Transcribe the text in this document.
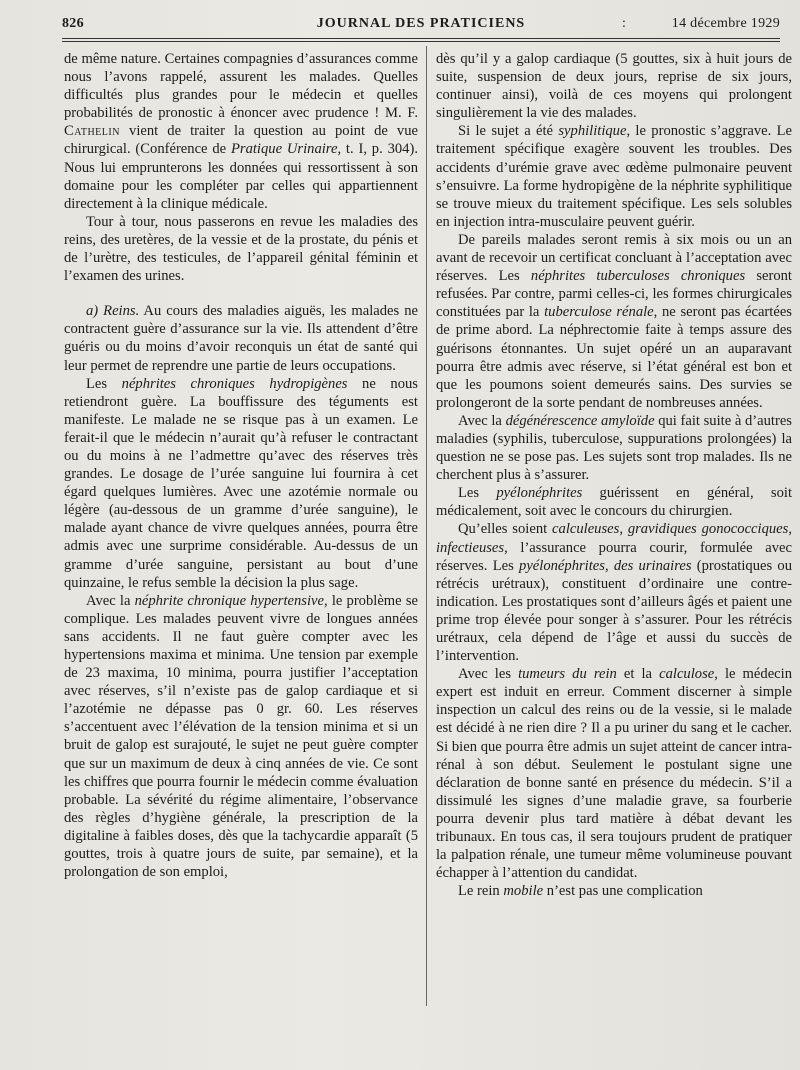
826	JOURNAL DES PRATICIENS	:	14 décembre 1929

de même nature. Certaines compagnies d’assurances comme nous l’avons rappelé, assurent les malades. Quelles difficultés plus grandes pour le médecin et quelles probabilités de pronostic à énoncer avec prudence ! M. F. Cathelin vient de traiter la question au point de vue chirurgical. (Conférence de Pratique Urinaire, t. I, p. 304). Nous lui emprunterons les données qui ressortissent à son domaine pour les compléter par celles qui appartiennent directement à la clinique médicale.

Tour à tour, nous passerons en revue les maladies des reins, des uretères, de la vessie et de la prostate, du pénis et de l’urètre, des testicules, de l’appareil génital féminin et l’examen des urines.

a) Reins. Au cours des maladies aiguës, les malades ne contractent guère d’assurance sur la vie. Ils attendent d’être guéris ou du moins d’avoir reconquis un état de santé qui leur permet de reprendre une partie de leurs occupations.

Les néphrites chroniques hydropigènes ne nous retiendront guère. La bouffissure des téguments est manifeste. Le malade ne se risque pas à un examen. Le ferait-il que le médecin n’aurait qu’à refuser le contractant ou du moins à ne l’admettre qu’avec des réserves très grandes. Le dosage de l’urée sanguine lui fournira à cet égard quelques lumières. Avec une azotémie normale ou légère (au-dessous de un gramme d’urée sanguine), le malade ayant chance de vivre quelques années, pourra être admis avec une surprime considérable. Au-dessus de un gramme d’urée sanguine, persistant au bout d’une quinzaine, le refus semble la décision la plus sage.

Avec la néphrite chronique hypertensive, le problème se complique. Les malades peuvent vivre de longues années sans accidents. Il ne faut guère compter avec les hypertensions maxima et minima. Une tension par exemple de 23 maxima, 10 minima, pourra justifier l’acceptation avec réserves, s’il n’existe pas de galop cardiaque et si l’azotémie ne dépasse pas 0 gr. 60. Les réserves s’accentuent avec l’élévation de la tension minima et si un bruit de galop est surajouté, le sujet ne peut guère compter que sur un maximum de deux à cinq années de vie. Ce sont les chiffres que pourra fournir le médecin comme évaluation probable. La sévérité du régime alimentaire, l’observance des règles d’hygiène générale, la prescription de la digitaline à faibles doses, dès que la tachycardie apparaît (5 gouttes, trois à quatre jours de suite, par semaine), et la prolongation de son emploi,

dès qu’il y a galop cardiaque (5 gouttes, six à huit jours de suite, suspension de deux jours, reprise de six jours, continuer ainsi), voilà de ces moyens qui prolongent singulièrement la vie des malades.

Si le sujet a été syphilitique, le pronostic s’aggrave. Le traitement spécifique exagère souvent les troubles. Des accidents d’urémie grave avec œdème pulmonaire peuvent s’ensuivre. La forme hydropigène de la néphrite syphilitique se trouve mieux du traitement spécifique. Les sels solubles en injection intra-musculaire peuvent guérir.

De pareils malades seront remis à six mois ou un an avant de recevoir un certificat concluant à l’acceptation avec réserves. Les néphrites tuberculoses chroniques seront refusées. Par contre, parmi celles-ci, les formes chirurgicales constituées par la tuberculose rénale, ne seront pas écartées de prime abord. La néphrectomie faite à temps assure des guérisons étonnantes. Un sujet opéré un an auparavant pourra être admis avec réserve, si l’état général est bon et que les poumons soient demeurés sains. Des survies se prolongeront de la sorte pendant de nombreuses années.

Avec la dégénérescence amyloïde qui fait suite à d’autres maladies (syphilis, tuberculose, suppurations prolongées) la question ne se pose pas. Les sujets sont trop malades. Ils ne cherchent plus à s’assurer.

Les pyélonéphrites guérissent en général, soit médicalement, soit avec le concours du chirurgien.

Qu’elles soient calculeuses, gravidiques gonococciques, infectieuses, l’assurance pourra courir, formulée avec réserves. Les pyélonéphrites, des urinaires (prostatiques ou rétrécis urétraux), constituent d’ordinaire une contre-indication. Les prostatiques sont d’ailleurs âgés et paient une prime trop élevée pour songer à s’assurer. Pour les rétrécis urétraux, cela dépend de l’âge et aussi du succès de l’intervention.

Avec les tumeurs du rein et la calculose, le médecin expert est induit en erreur. Comment discerner à simple inspection un calcul des reins ou de la vessie, si le malade est décidé à ne rien dire ? Il a pu uriner du sang et le cacher. Si bien que pourra être admis un sujet atteint de cancer intra-rénal à son début. Seulement le postulant signe une déclaration de bonne santé en présence du médecin. S’il a dissimulé les signes d’une maladie grave, sa fourberie pourra devenir plus tard matière à débat devant les tribunaux. En tous cas, il sera toujours prudent de pratiquer la palpation rénale, une tumeur même volumineuse pouvant échapper à l’attention du candidat.

Le rein mobile n’est pas une complication
